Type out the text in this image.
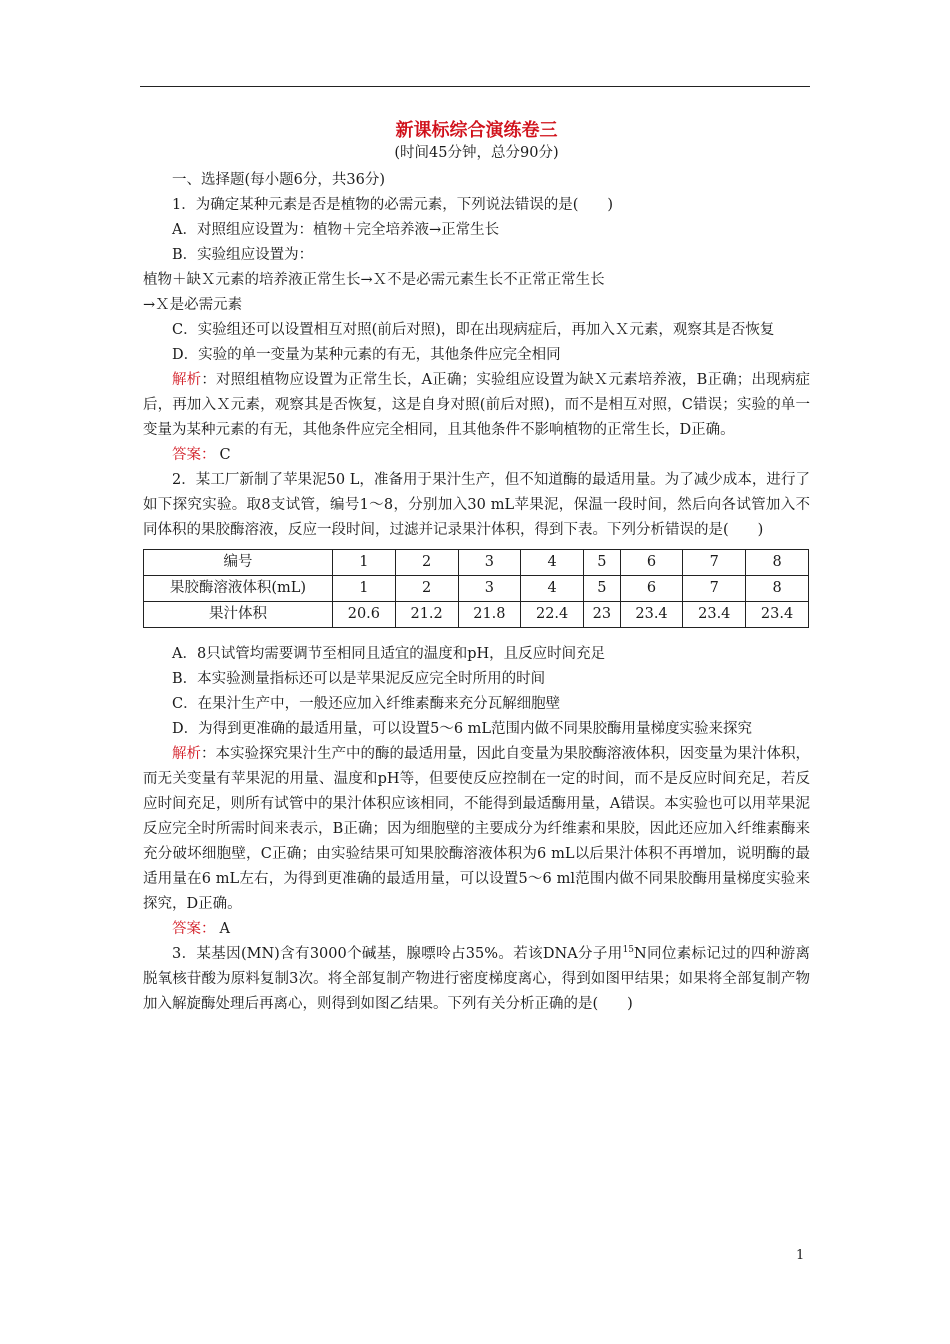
新课标综合演练卷三
(时间45分钟，总分90分)

一、选择题(每小题6分，共36分)

1．为确定某种元素是否是植物的必需元素，下列说法错误的是(　　)

A．对照组应设置为：植物＋完全培养液→正常生长

B．实验组应设置为：

植物＋缺Ｘ元素的培养液正常生长→Ｘ不是必需元素生长不正常正常生长

→Ｘ是必需元素

C．实验组还可以设置相互对照(前后对照)，即在出现病症后，再加入Ｘ元素，观察其是否恢复

D．实验的单一变量为某种元素的有无，其他条件应完全相同

解析：对照组植物应设置为正常生长，A正确；实验组应设置为缺Ｘ元素培养液，B正确；出现病症后，再加入Ｘ元素，观察其是否恢复，这是自身对照(前后对照)，而不是相互对照，C错误；实验的单一变量为某种元素的有无，其他条件应完全相同，且其他条件不影响植物的正常生长，D正确。

答案： C

2．某工厂新制了苹果泥50 L，准备用于果汁生产，但不知道酶的最适用量。为了减少成本，进行了如下探究实验。取8支试管，编号1～8，分别加入30 mL苹果泥，保温一段时间，然后向各试管加入不同体积的果胶酶溶液，反应一段时间，过滤并记录果汁体积，得到下表。下列分析错误的是(　　)

编号	1	2	3	4	5	6	7	8
果胶酶溶液体积(mL)	1	2	3	4	5	6	7	8
果汁体积	20.6	21.2	21.8	22.4	23	23.4	23.4	23.4

A．8只试管均需要调节至相同且适宜的温度和pH，且反应时间充足

B．本实验测量指标还可以是苹果泥反应完全时所用的时间

C．在果汁生产中，一般还应加入纤维素酶来充分瓦解细胞壁

D．为得到更准确的最适用量，可以设置5～6 mL范围内做不同果胶酶用量梯度实验来探究

解析：本实验探究果汁生产中的酶的最适用量，因此自变量为果胶酶溶液体积，因变量为果汁体积，而无关变量有苹果泥的用量、温度和pH等，但要使反应控制在一定的时间，而不是反应时间充足，若反应时间充足，则所有试管中的果汁体积应该相同，不能得到最适酶用量，A错误。本实验也可以用苹果泥反应完全时所需时间来表示，B正确；因为细胞壁的主要成分为纤维素和果胶，因此还应加入纤维素酶来充分破坏细胞壁，C正确；由实验结果可知果胶酶溶液体积为6 mL以后果汁体积不再增加，说明酶的最适用量在6 mL左右，为得到更准确的最适用量，可以设置5～6 ml范围内做不同果胶酶用量梯度实验来探究，D正确。

答案： A

3．某基因(MN)含有3000个碱基，腺嘌呤占35%。若该DNA分子用$^{15}$N同位素标记过的四种游离脱氧核苷酸为原料复制3次。将全部复制产物进行密度梯度离心，得到如图甲结果；如果将全部复制产物加入解旋酶处理后再离心，则得到如图乙结果。下列有关分析正确的是(　　)

1
